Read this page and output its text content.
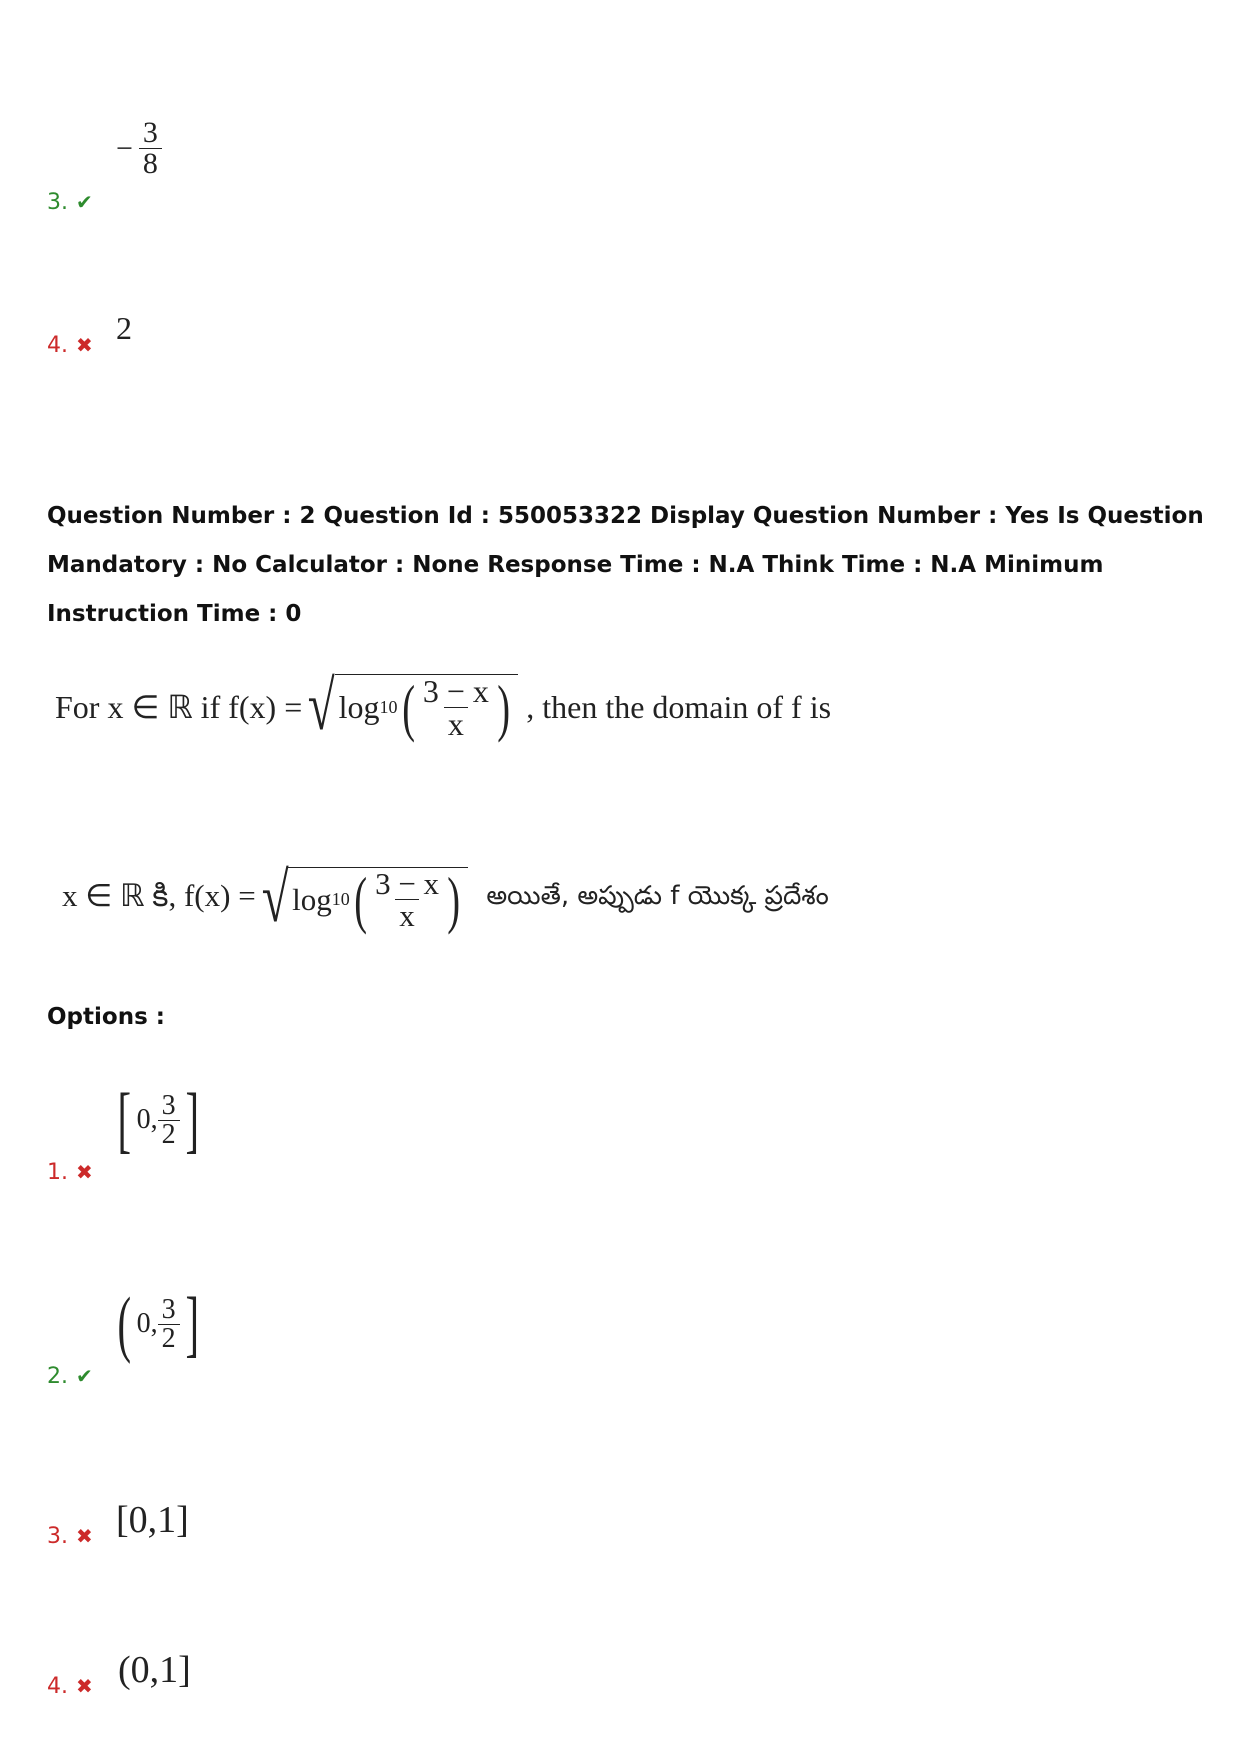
3. ✔
− $\frac{3}{8}$
4. ✖ 2
Question Number : 2 Question Id : 550053322 Display Question Number : Yes Is Question Mandatory : No Calculator : None Response Time : N.A Think Time : N.A Minimum Instruction Time : 0
For x ∈ ℝ if f(x) = √ log 10 ( $\frac{3 - x}{x}$ ) , then the domain of f is
x ∈ ℝ కి, f(x) = √ log 10 ( $\frac{3 - x}{x}$ ) అయితే, అప్పుడు f యొక్క ప్రదేశం
Options :
1. ✖
[ 0, $\frac{3}{2}$ ]
2. ✔
( 0, $\frac{3}{2}$ ]
3. ✖ [0,1]
4. ✖ (0,1]
